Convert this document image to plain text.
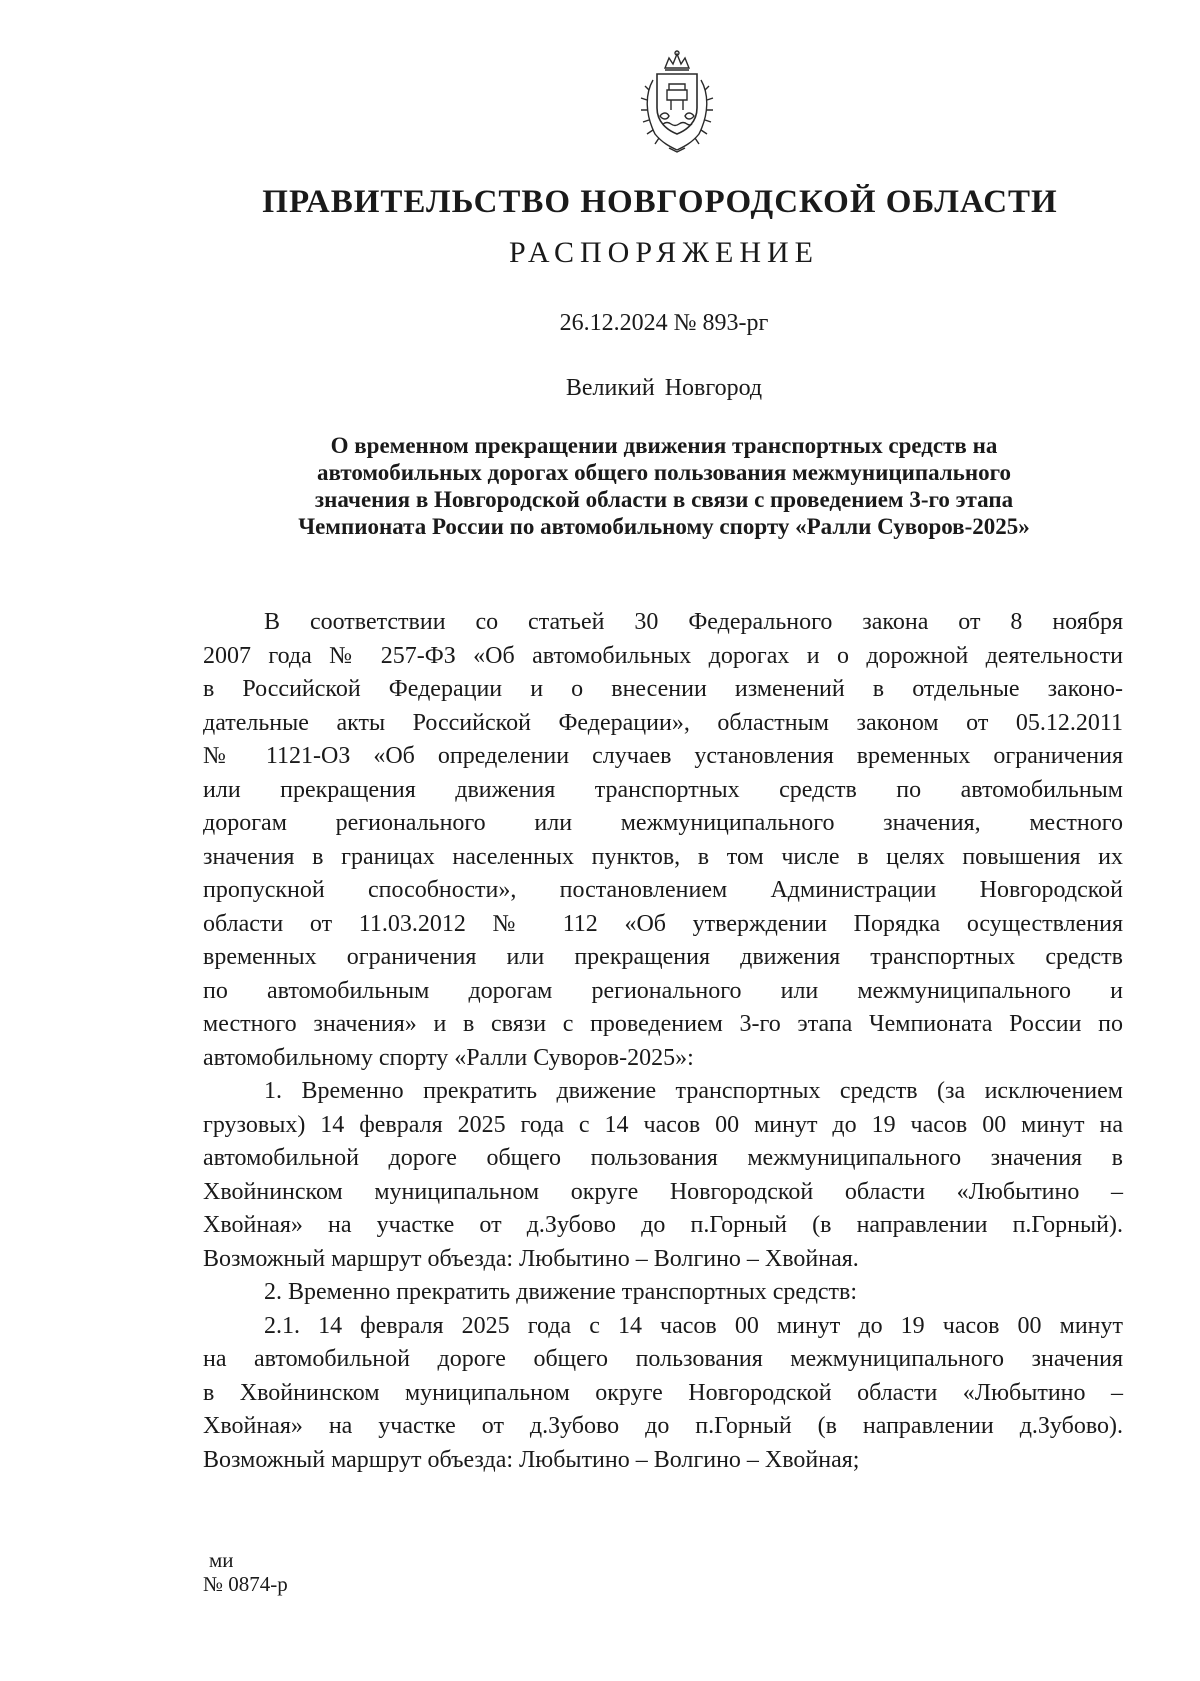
ПРАВИТЕЛЬСТВО НОВГОРОДСКОЙ ОБЛАСТИ
РАСПОРЯЖЕНИЕ
26.12.2024 № 893-рг
Великий Новгород
О временном прекращении движения транспортных средств на
автомобильных дорогах общего пользования межмуниципального
значения в Новгородской области в связи с проведением 3-го этапа
Чемпионата России по автомобильному спорту «Ралли Суворов-2025»
В соответствии со статьей 30 Федерального закона от 8 ноября
2007 года № 257-ФЗ «Об автомобильных дорогах и о дорожной деятельности
в Российской Федерации и о внесении изменений в отдельные законо-
дательные акты Российской Федерации», областным законом от 05.12.2011
№ 1121-ОЗ «Об определении случаев установления временных ограничения
или прекращения движения транспортных средств по автомобильным
дорогам регионального или межмуниципального значения, местного
значения в границах населенных пунктов, в том числе в целях повышения их
пропускной способности», постановлением Администрации Новгородской
области от 11.03.2012 № 112 «Об утверждении Порядка осуществления
временных ограничения или прекращения движения транспортных средств
по автомобильным дорогам регионального или межмуниципального и
местного значения» и в связи с проведением 3-го этапа Чемпионата России по
автомобильному спорту «Ралли Суворов-2025»:
1. Временно прекратить движение транспортных средств (за исключением
грузовых) 14 февраля 2025 года с 14 часов 00 минут до 19 часов 00 минут на
автомобильной дороге общего пользования межмуниципального значения в
Хвойнинском муниципальном округе Новгородской области «Любытино –
Хвойная» на участке от д.Зубово до п.Горный (в направлении п.Горный).
Возможный маршрут объезда: Любытино – Волгино – Хвойная.
2. Временно прекратить движение транспортных средств:
2.1. 14 февраля 2025 года с 14 часов 00 минут до 19 часов 00 минут
на автомобильной дороге общего пользования межмуниципального значения
в Хвойнинском муниципальном округе Новгородской области «Любытино –
Хвойная» на участке от д.Зубово до п.Горный (в направлении д.Зубово).
Возможный маршрут объезда: Любытино – Волгино – Хвойная;
ми
№ 0874-р
